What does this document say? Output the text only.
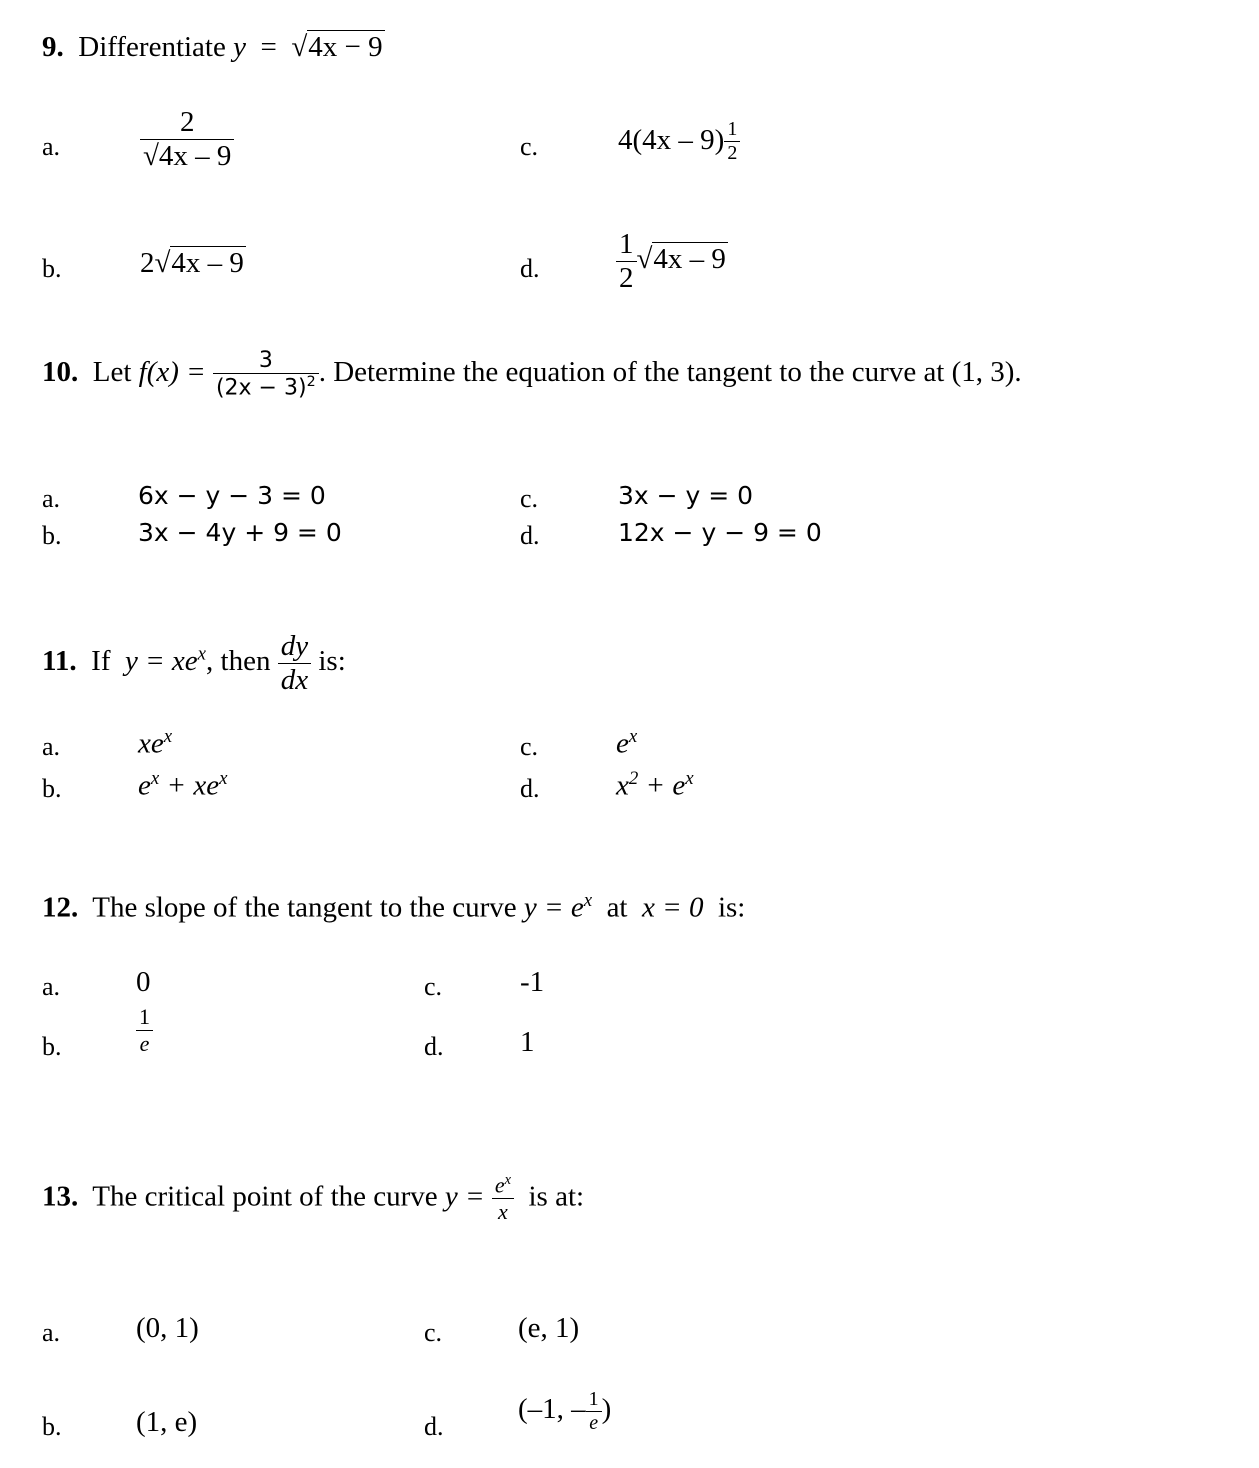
9. Differentiate y = √4x − 9
a.	$\frac{2}{√4x - 9}$	c.	$4(4x - 9) \frac{1}{2}$
b.	2√4x – 9	d.	$\frac{1}{2} √4x - 9$
10. Let $f(x) = \frac{3}{(2x - 3)^2}$ . Determine the equation of the tangent to the curve at (1, 3).
a.	6x − y − 3 = 0
b.	3x − 4y + 9 = 0
c.	3x − y = 0
d.	12x − y − 9 = 0
11. If $y = xe^x$, then $\frac{dy}{dx}$ is:
a.	$xe^x$
b.	$e^x + xe^x$
c.	$e^x$
d.	$x^2 + e^x$
12. The slope of the tangent to the curve $y = e^x$ at x = 0 is:
a.	0
b.	$\frac{1}{e}$
c.	-1
d.	1
13. The critical point of the curve $y = \frac{e^x}{x}$ is at:
a.	(0, 1)
b.	(1, e)
c.	(e, 1)
d.
(–1, – $\frac{1}{e}$ )
